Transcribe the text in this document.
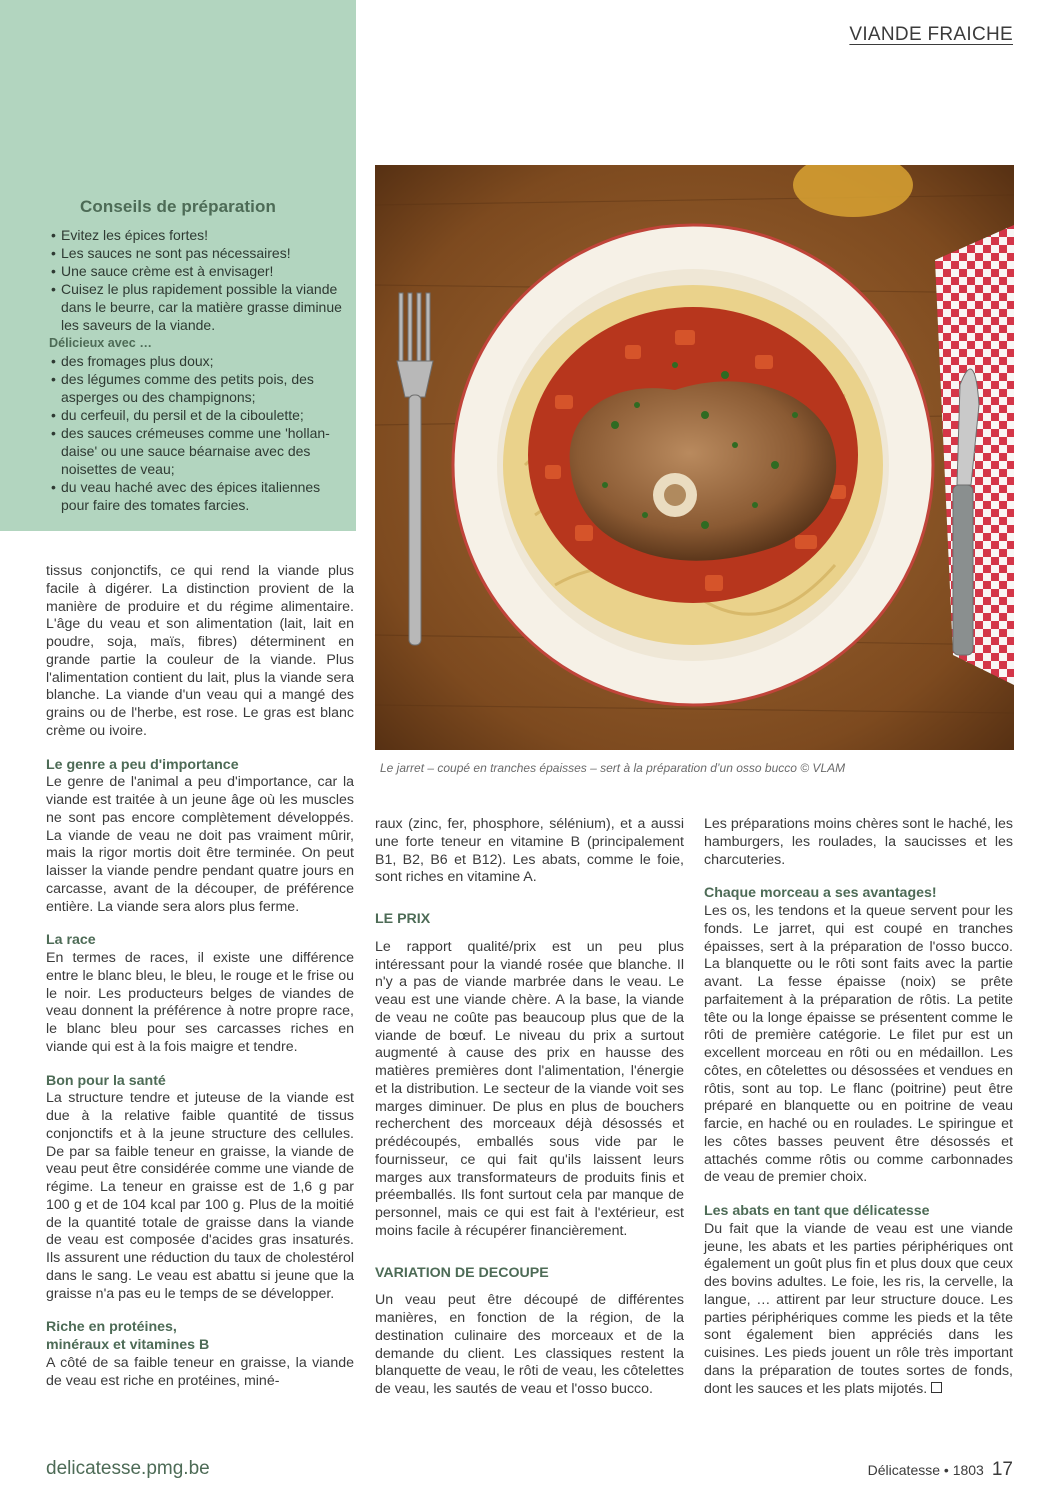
Conseils de préparation
• Evitez les épices fortes!
• Les sauces ne sont pas nécessaires!
• Une sauce crème est à envisager!
• Cuisez le plus rapidement possible la viande dans le beurre, car la matière grasse diminue les saveurs de la viande.
Délicieux avec …
• des fromages plus doux;
• des légumes comme des petits pois, des asperges ou des champignons;
• du cerfeuil, du persil et de la ciboulette;
• des sauces crémeuses comme une 'hollandaise' ou une sauce béarnaise avec des noisettes de veau;
• du veau haché avec des épices italiennes pour faire des tomates farcies.
VIANDE FRAICHE
Le jarret – coupé en tranches épaisses – sert à la préparation d’un osso bucco © VLAM

tissus conjonctifs, ce qui rend la viande plus facile à digérer. La distinction provient de la manière de produire et du régime alimentaire. L'âge du veau et son alimentation (lait, lait en poudre, soja, maïs, fibres) déterminent en grande partie la couleur de la viande. Plus l'alimentation contient du lait, plus la viande sera blanche. La viande d'un veau qui a mangé des grains ou de l'herbe, est rose. Le gras est blanc crème ou ivoire.

Le genre a peu d'importance

Le genre de l'animal a peu d'importance, car la viande est traitée à un jeune âge où les muscles ne sont pas encore complètement développés. La viande de veau ne doit pas vraiment mûrir, mais la rigor mortis doit être terminée. On peut laisser la viande pendre pendant quatre jours en carcasse, avant de la découper, de préférence entière. La viande sera alors plus ferme.

La race

En termes de races, il existe une différence entre le blanc bleu, le bleu, le rouge et le frise ou le noir. Les producteurs belges de viandes de veau donnent la préférence à notre propre race, le blanc bleu pour ses carcasses riches en viande qui est à la fois maigre et tendre.

Bon pour la santé

La structure tendre et juteuse de la viande est due à la relative faible quantité de tissus conjonctifs et à la jeune structure des cellules. De par sa faible teneur en graisse, la viande de veau peut être considérée comme une viande de régime. La teneur en graisse est de 1,6 g par 100 g et de 104 kcal par 100 g. Plus de la moitié de la quantité totale de graisse dans la viande de veau est composée d'acides gras insaturés. Ils assurent une réduction du taux de cholestérol dans le sang. Le veau est abattu si jeune que la graisse n'a pas eu le temps de se développer.

Riche en protéines, minéraux et vitamines B

A côté de sa faible teneur en graisse, la viande de veau est riche en protéines, miné-

raux (zinc, fer, phosphore, sélénium), et a aussi une forte teneur en vitamine B (principalement B1, B2, B6 et B12). Les abats, comme le foie, sont riches en vitamine A.

LE PRIX

Le rapport qualité/prix est un peu plus intéressant pour la viandé rosée que blanche. Il n'y a pas de viande marbrée dans le veau. Le veau est une viande chère. A la base, la viande de veau ne coûte pas beaucoup plus que de la viande de bœuf. Le niveau du prix a surtout augmenté à cause des prix en hausse des matières premières dont l'alimentation, l'énergie et la distribution. Le secteur de la viande voit ses marges diminuer. De plus en plus de bouchers recherchent des morceaux déjà désossés et prédécoupés, emballés sous vide par le fournisseur, ce qui fait qu'ils laissent leurs marges aux transformateurs de produits finis et préemballés. Ils font surtout cela par manque de personnel, mais ce qui est fait à l'extérieur, est moins facile à récupérer financièrement.

VARIATION DE DECOUPE

Un veau peut être découpé de différentes manières, en fonction de la région, de la destination culinaire des morceaux et de la demande du client. Les classiques restent la blanquette de veau, le rôti de veau, les côtelettes de veau, les sautés de veau et l'osso bucco.

Les préparations moins chères sont le haché, les hamburgers, les roulades, la saucisses et les charcuteries.

Chaque morceau a ses avantages!

Les os, les tendons et la queue servent pour les fonds. Le jarret, qui est coupé en tranches épaisses, sert à la préparation de l'osso bucco. La blanquette ou le rôti sont faits avec la partie avant. La fesse épaisse (noix) se prête parfaitement à la préparation de rôtis. La petite tête ou la longe épaisse se présentent comme le rôti de première catégorie. Le filet pur est un excellent morceau en rôti ou en médaillon. Les côtes, en côtelettes ou désossées et vendues en rôtis, sont au top. Le flanc (poitrine) peut être préparé en blanquette ou en poitrine de veau farcie, en haché ou en roulades. Le spiringue et les côtes basses peuvent être désossés et attachés comme rôtis ou comme carbonnades de veau de premier choix.

Les abats en tant que délicatesse

Du fait que la viande de veau est une viande jeune, les abats et les parties périphériques ont également un goût plus fin et plus doux que ceux des bovins adultes. Le foie, les ris, la cervelle, la langue, … attirent par leur structure douce. Les parties périphériques comme les pieds et la tête sont également bien appréciés dans les cuisines. Les pieds jouent un rôle très important dans la préparation de toutes sortes de fonds, dont les sauces et les plats mijotés.

delicatesse.pmg.be	Délicatesse • 1803 17
